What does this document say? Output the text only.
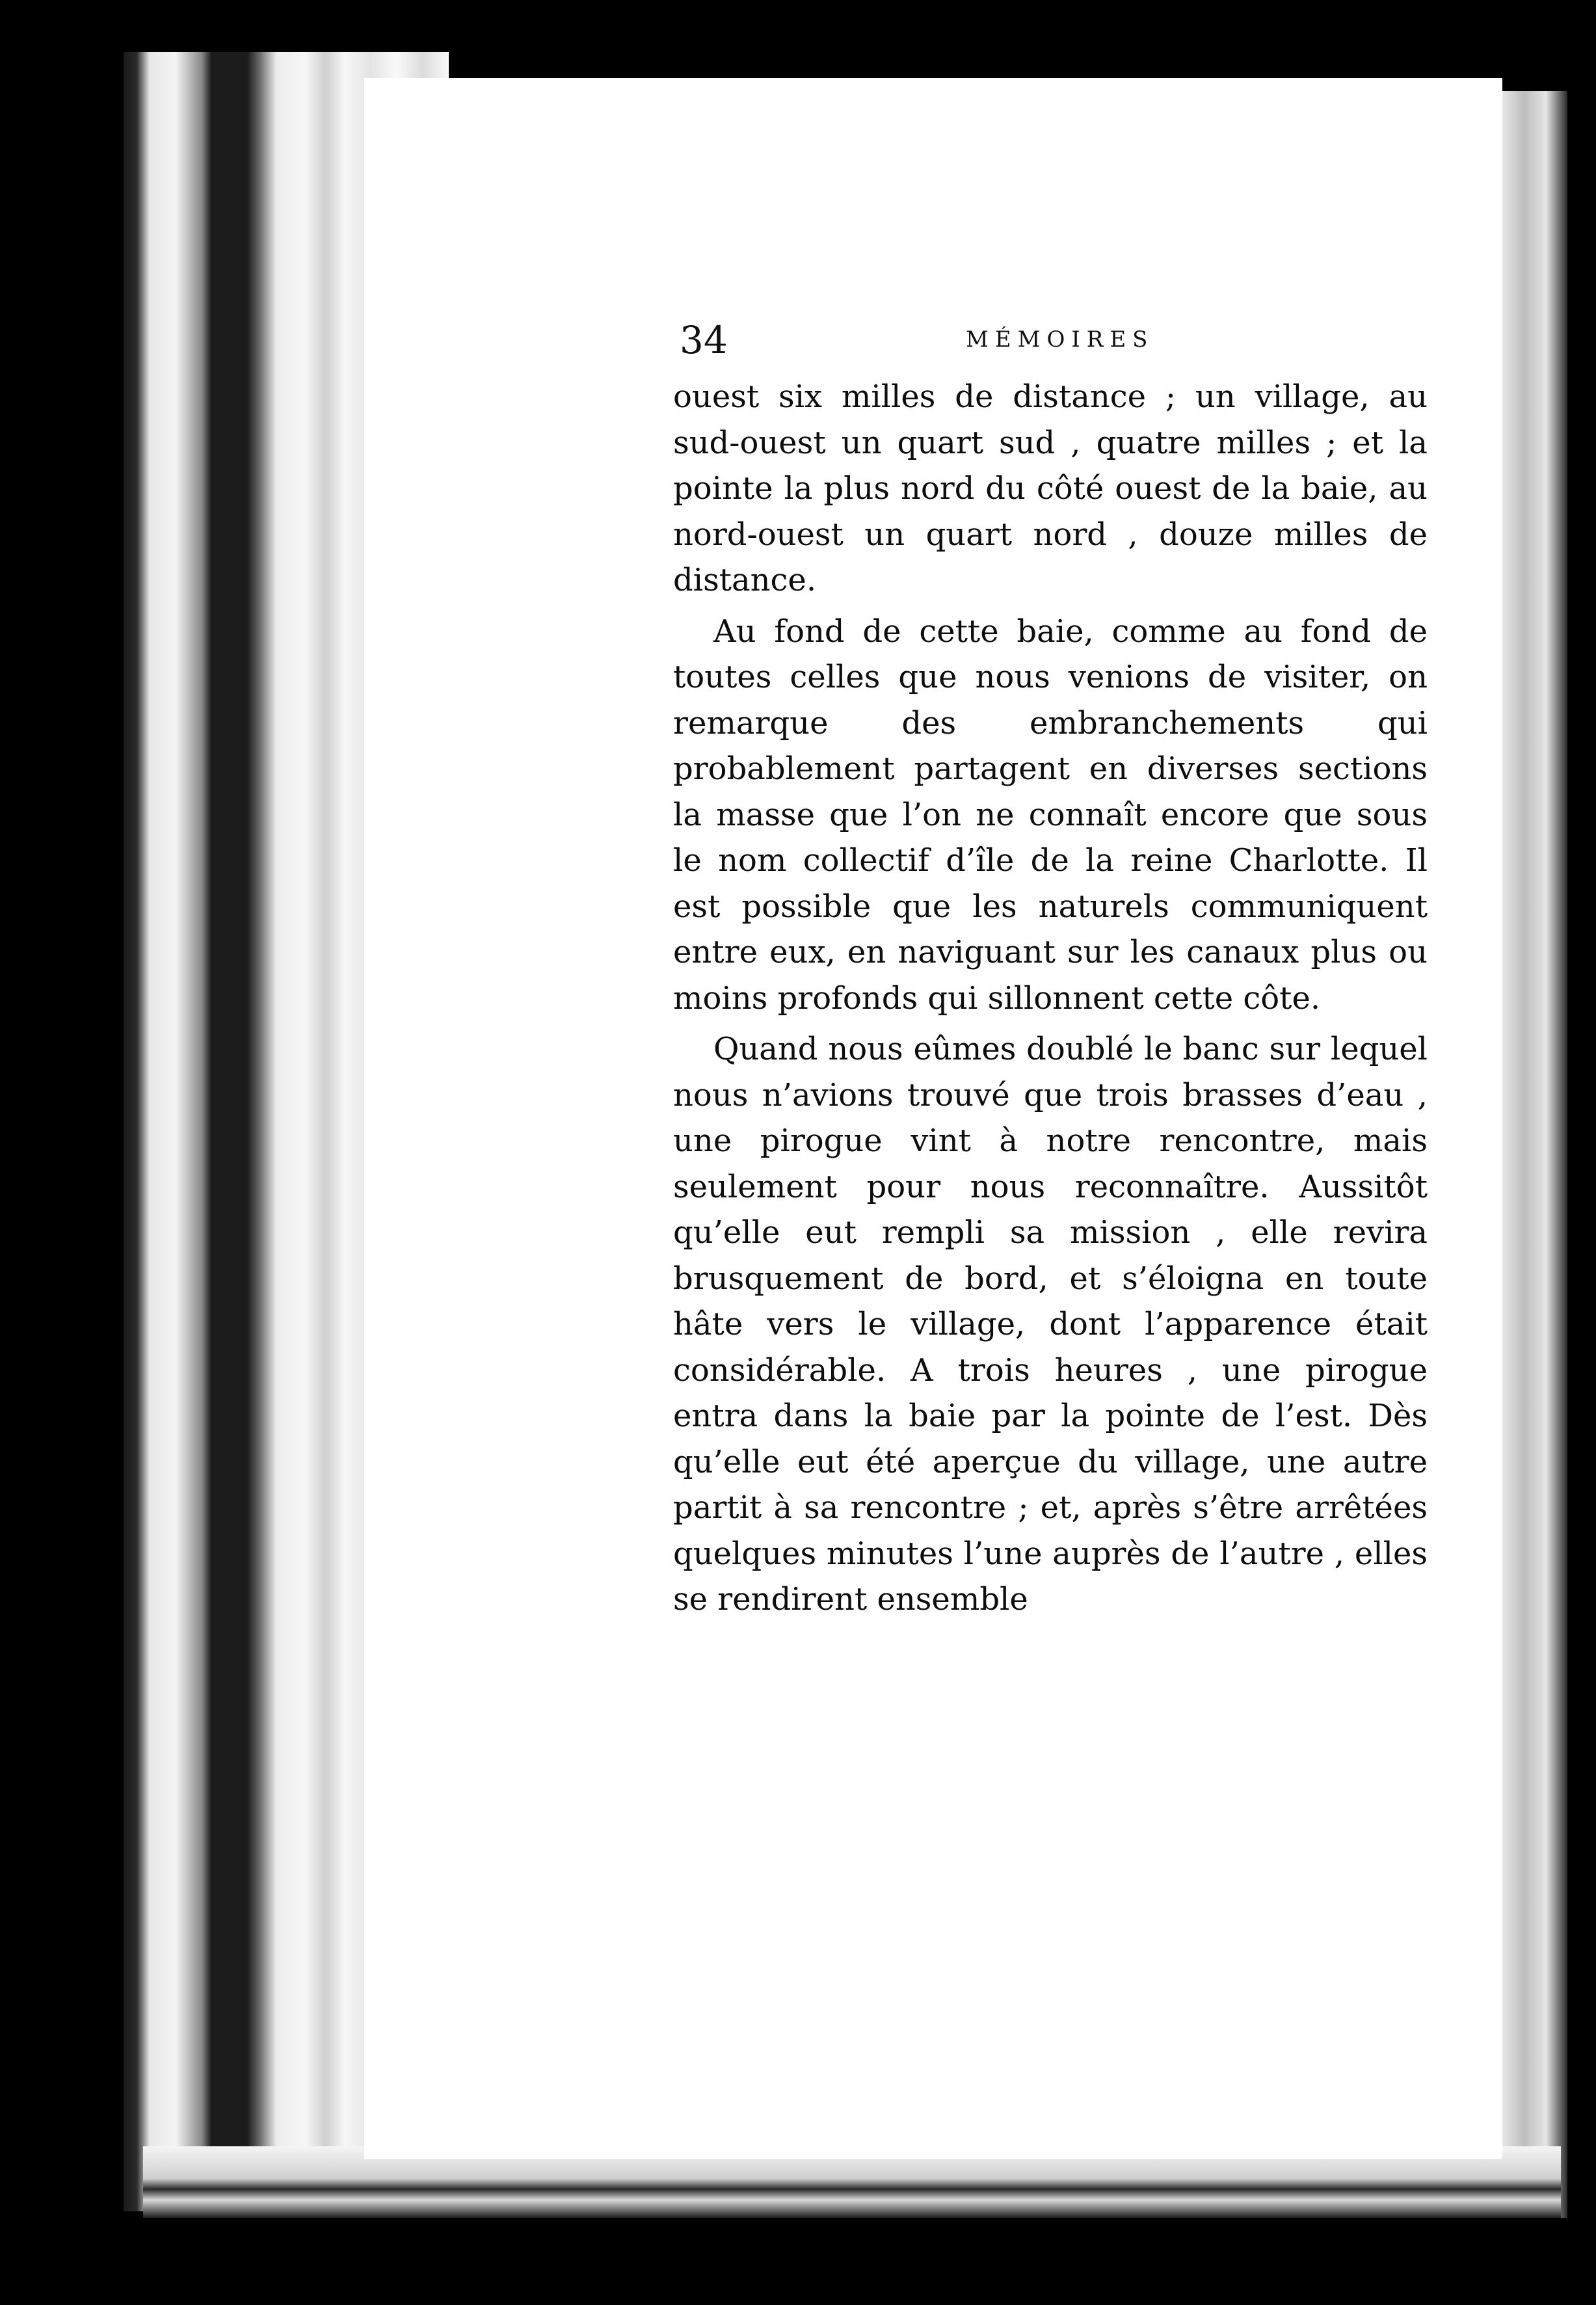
34	MÉMOIRES

ouest six milles de distance ; un village, au sud-ouest un quart sud , quatre milles ; et la pointe la plus nord du côté ouest de la baie, au nord-ouest un quart nord , douze milles de distance.

Au fond de cette baie, comme au fond de toutes celles que nous venions de visiter, on remarque des embranchements qui probablement partagent en diverses sections la masse que l’on ne connaît encore que sous le nom collectif d’île de la reine Charlotte. Il est possible que les naturels communiquent entre eux, en naviguant sur les canaux plus ou moins profonds qui sillonnent cette côte.

Quand nous eûmes doublé le banc sur lequel nous n’avions trouvé que trois brasses d’eau , une pirogue vint à notre rencontre, mais seulement pour nous reconnaître. Aussitôt qu’elle eut rempli sa mission , elle revira brusquement de bord, et s’éloigna en toute hâte vers le village, dont l’apparence était considérable. A trois heures , une pirogue entra dans la baie par la pointe de l’est. Dès qu’elle eut été aperçue du village, une autre partit à sa rencontre ; et, après s’être arrêtées quelques minutes l’une auprès de l’autre , elles se rendirent ensemble
